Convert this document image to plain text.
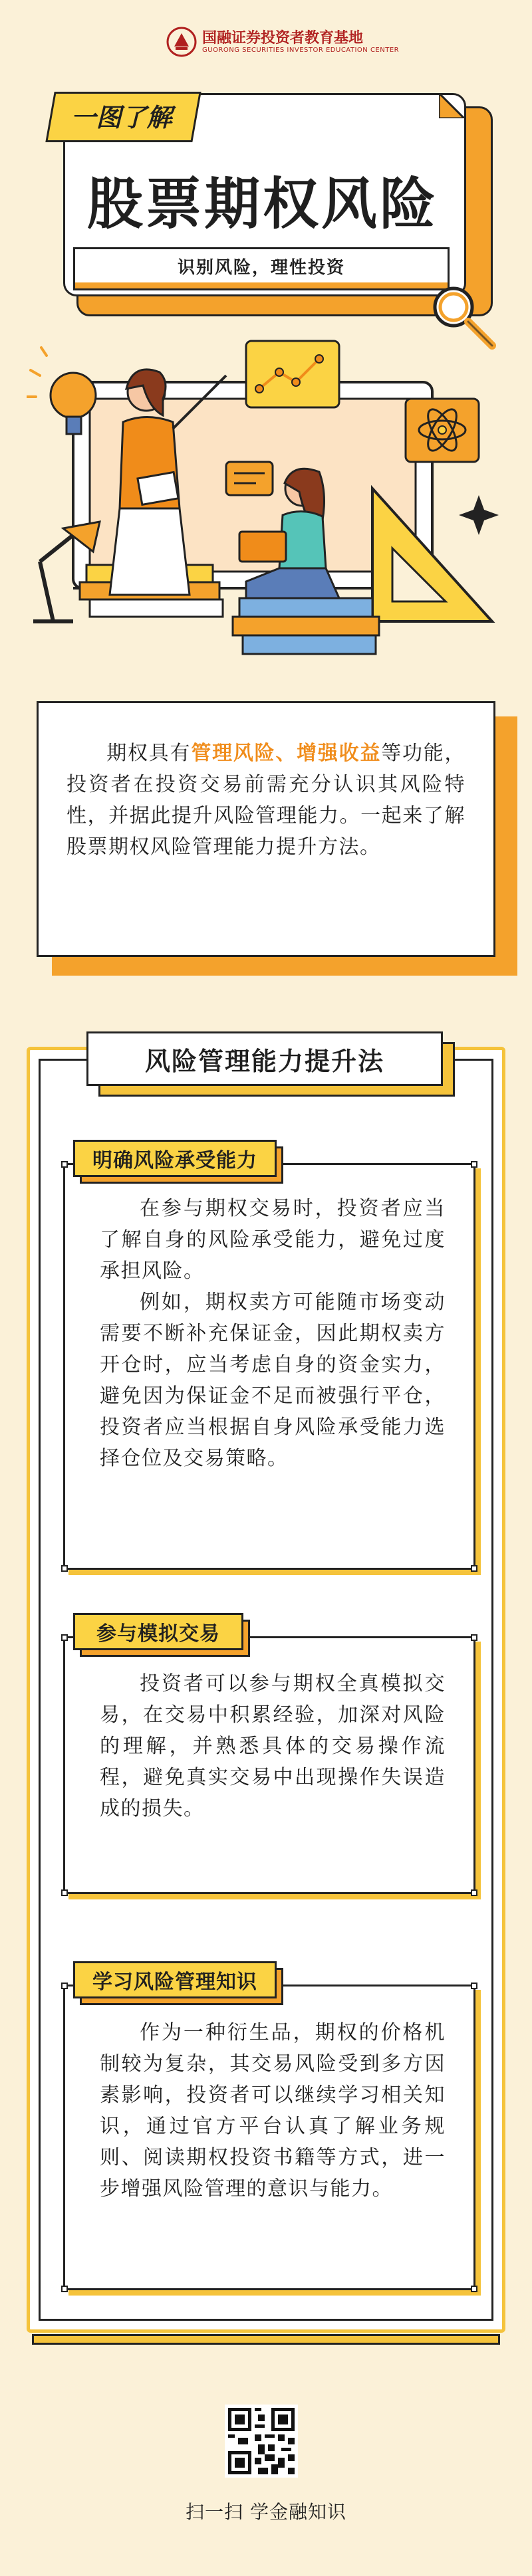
国融证券投资者教育基地
GUORONG SECURITIES INVESTOR EDUCATION CENTER
一图了解
股票期权风险
识别风险，理性投资
期权具有管理风险、增强收益等功能，投资者在投资交易前需充分认识其风险特性，并据此提升风险管理能力。一起来了解股票期权风险管理能力提升方法。
风险管理能力提升法
明确风险承受能力

在参与期权交易时，投资者应当了解自身的风险承受能力，避免过度承担风险。

例如，期权卖方可能随市场变动需要不断补充保证金，因此期权卖方开仓时，应当考虑自身的资金实力，避免因为保证金不足而被强行平仓，投资者应当根据自身风险承受能力选择仓位及交易策略。

参与模拟交易

投资者可以参与期权全真模拟交易，在交易中积累经验，加深对风险的理解，并熟悉具体的交易操作流程，避免真实交易中出现操作失误造成的损失。

学习风险管理知识

作为一种衍生品，期权的价格机制较为复杂，其交易风险受到多方因素影响，投资者可以继续学习相关知识，通过官方平台认真了解业务规则、阅读期权投资书籍等方式，进一步增强风险管理的意识与能力。

扫一扫 学金融知识
